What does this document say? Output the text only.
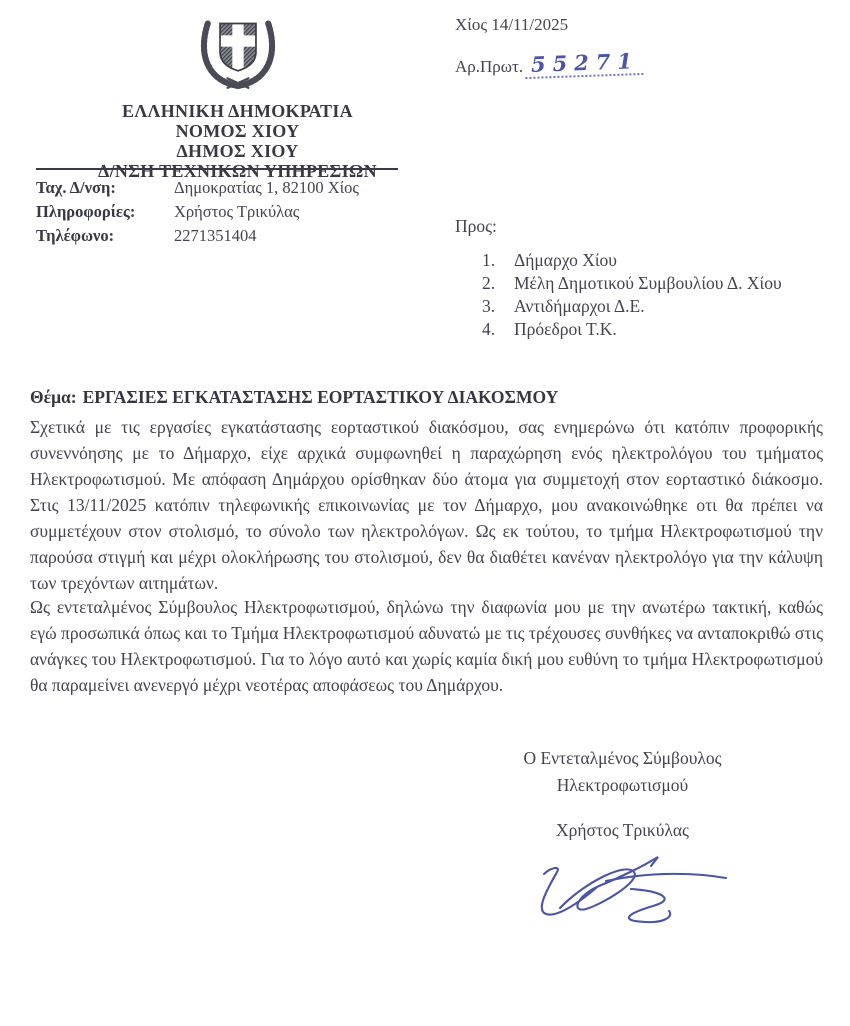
ΕΛΛΗΝΙΚΗ ΔΗΜΟΚΡΑΤΙΑ
ΝΟΜΟΣ ΧΙΟΥ
ΔΗΜΟΣ ΧΙΟΥ
Δ/ΝΣΗ ΤΕΧΝΙΚΩΝ ΥΠΗΡΕΣΙΩΝ
Ταχ. Δ/νση:	Δημοκρατίας 1, 82100 Χίος
Πληροφορίες:	Χρήστος Τρικύλας
Τηλέφωνο:	2271351404
Χίος 14/11/2025
Αρ.Πρωτ. 55271
Προς:
1.	Δήμαρχο Χίου
2.	Μέλη Δημοτικού Συμβουλίου Δ. Χίου
3.	Αντιδήμαρχοι Δ.Ε.
4.	Πρόεδροι Τ.Κ.
Θέμα: ΕΡΓΑΣΙΕΣ ΕΓΚΑΤΑΣΤΑΣΗΣ ΕΟΡΤΑΣΤΙΚΟΥ ΔΙΑΚΟΣΜΟΥ
Σχετικά με τις εργασίες εγκατάστασης εορταστικού διακόσμου, σας ενημερώνω ότι κατόπιν προφορικής συνεννόησης με το Δήμαρχο, είχε αρχικά συμφωνηθεί η παραχώρηση ενός ηλεκτρολόγου του τμήματος Ηλεκτροφωτισμού. Με απόφαση Δημάρχου ορίσθηκαν δύο άτομα για συμμετοχή στον εορταστικό διάκοσμο. Στις 13/11/2025 κατόπιν τηλεφωνικής επικοινωνίας με τον Δήμαρχο, μου ανακοινώθηκε οτι θα πρέπει να συμμετέχουν στον στολισμό, το σύνολο των ηλεκτρολόγων. Ως εκ τούτου, το τμήμα Ηλεκτροφωτισμού την παρούσα στιγμή και μέχρι ολοκλήρωσης του στολισμού, δεν θα διαθέτει κανέναν ηλεκτρολόγο για την κάλυψη των τρεχόντων αιτημάτων.
Ως εντεταλμένος Σύμβουλος Ηλεκτροφωτισμού, δηλώνω την διαφωνία μου με την ανωτέρω τακτική, καθώς εγώ προσωπικά όπως και το Τμήμα Ηλεκτροφωτισμού αδυνατώ με τις τρέχουσες συνθήκες να ανταποκριθώ στις ανάγκες του Ηλεκτροφωτισμού. Για το λόγο αυτό και χωρίς καμία δική μου ευθύνη το τμήμα Ηλεκτροφωτισμού θα παραμείνει ανενεργό μέχρι νεοτέρας αποφάσεως του Δημάρχου.
Ο Εντεταλμένος Σύμβουλος
Ηλεκτροφωτισμού
Χρήστος Τρικύλας
